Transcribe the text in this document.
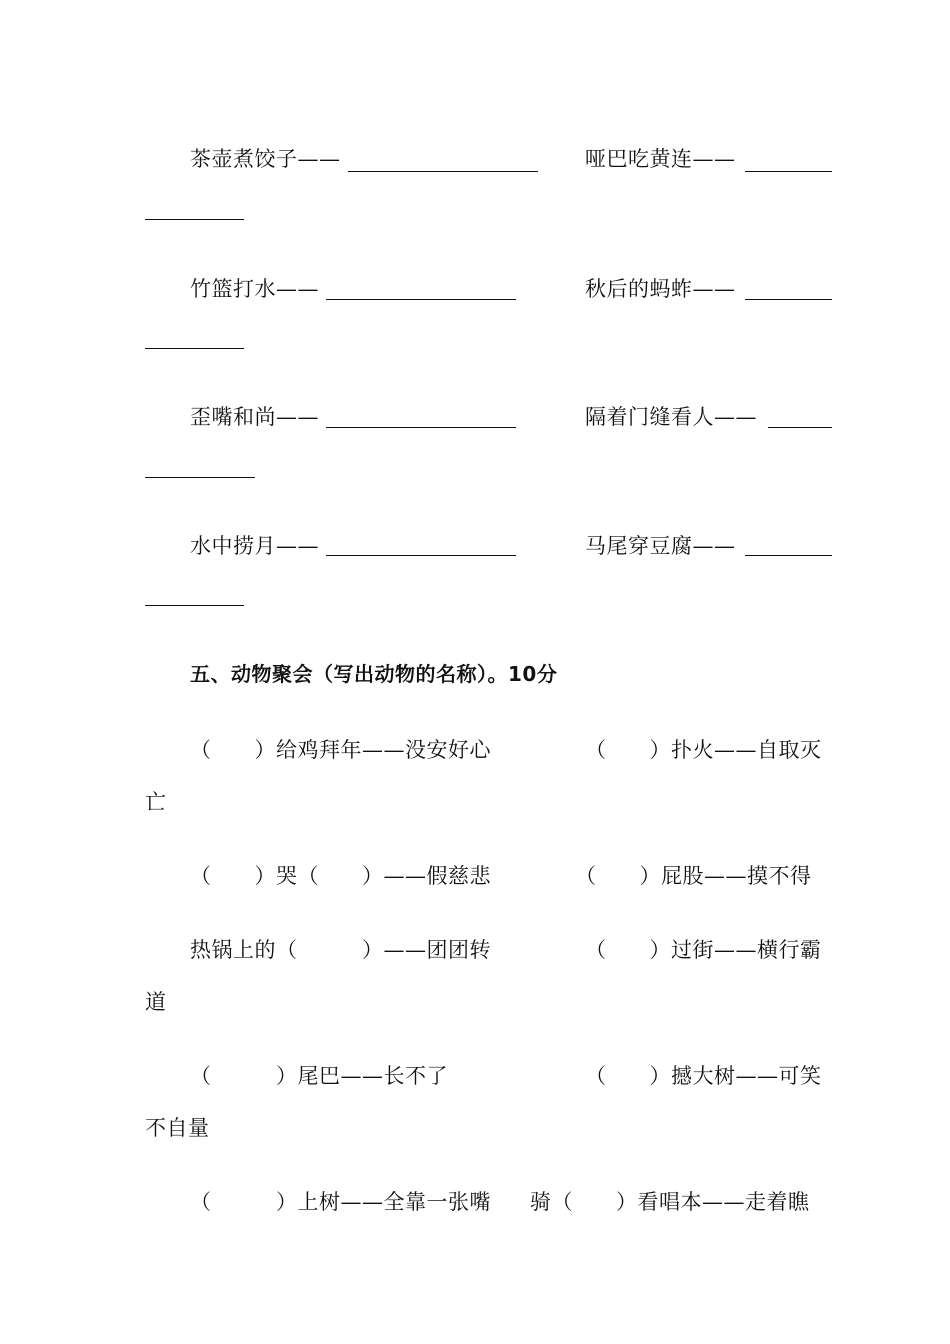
茶壶煮饺子——	哑巴吃黄连——
竹篮打水——	秋后的蚂蚱——
歪嘴和尚——	隔着门缝看人——
水中捞月——	马尾穿豆腐——
五、动物聚会（写出动物的名称）。10分
（　　）给鸡拜年——没安好心	（　　）扑火——自取灭
亡
（　　）哭（　　）——假慈悲	（　　）屁股——摸不得
热锅上的（　　　）——团团转	（　　）过街——横行霸
道
（　　　）尾巴——长不了	（　　）撼大树——可笑
不自量
（　　　）上树——全靠一张嘴 骑（　　）看唱本——走着瞧
